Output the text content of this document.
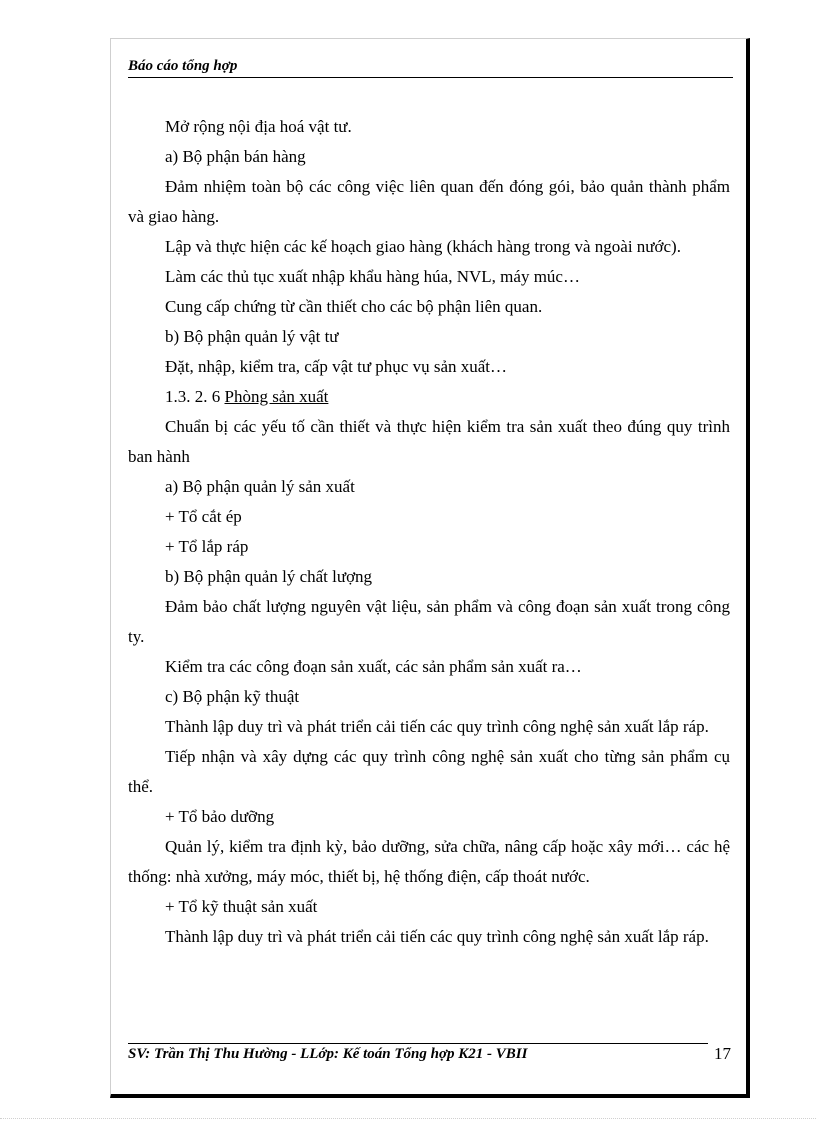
Báo cáo tổng hợp

Mở rộng nội địa hoá vật tư.

a) Bộ phận bán hàng

Đảm nhiệm toàn bộ các công việc liên quan đến đóng gói, bảo quản thành phẩm và giao hàng.

Lập và thực hiện các kế hoạch giao hàng (khách hàng trong và ngoài nước).

Làm các thủ tục xuất nhập khẩu hàng húa, NVL, máy múc…

Cung cấp chứng từ cần thiết cho các bộ phận liên quan.

b) Bộ phận quản lý vật tư

Đặt, nhập, kiểm tra, cấp vật tư phục vụ sản xuất…

1.3. 2. 6 Phòng sản xuất

Chuẩn bị các yếu tố cần thiết và thực hiện kiểm tra sản xuất theo đúng quy trình ban hành

a) Bộ phận quản lý sản xuất

+ Tổ cắt ép

+ Tổ lắp ráp

b) Bộ phận quản lý chất lượng

Đảm bảo chất lượng nguyên vật liệu, sản phẩm và công đoạn sản xuất trong công ty.

Kiểm tra các công đoạn sản xuất, các sản phẩm sản xuất ra…

c) Bộ phận kỹ thuật

Thành lập duy trì và phát triển cải tiến các quy trình công nghệ sản xuất lắp ráp.

Tiếp nhận và xây dựng các quy trình công nghệ sản xuất cho từng sản phẩm cụ thể.

+ Tổ bảo dưỡng

Quản lý, kiểm tra định kỳ, bảo dưỡng, sửa chữa, nâng cấp hoặc xây mới… các hệ thống: nhà xưởng, máy móc, thiết bị, hệ thống điện, cấp thoát nước.

+ Tổ kỹ thuật sản xuất

Thành lập duy trì và phát triển cải tiến các quy trình công nghệ sản xuất lắp ráp.

SV: Trần Thị Thu Hường - LLớp: Kế toán Tổng hợp K21 - VBII	17
